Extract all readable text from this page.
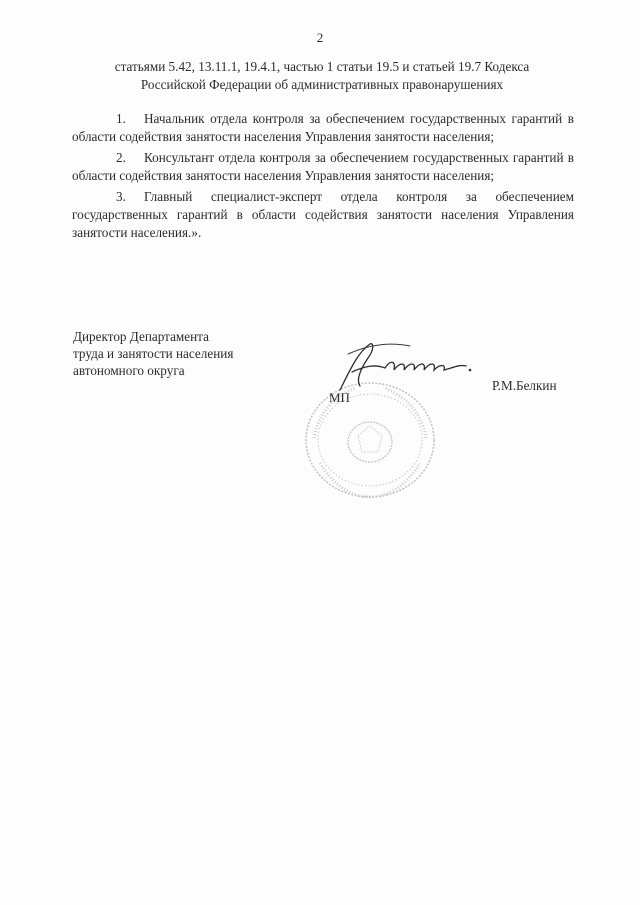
2

статьями 5.42, 13.11.1, 19.4.1, частью 1 статьи 19.5 и статьей 19.7 Кодекса
Российской Федерации об административных правонарушениях

1. Начальник отдела контроля за обеспечением государственных гарантий в области содействия занятости населения Управления занятости населения;
2. Консультант отдела контроля за обеспечением государственных гарантий в области содействия занятости населения Управления занятости населения;
3. Главный специалист-эксперт отдела контроля за обеспечением государственных гарантий в области содействия занятости населения Управления занятости населения.».
Директор Департамента
труда и занятости населения
автономного округа
МП
Р.М.Белкин
